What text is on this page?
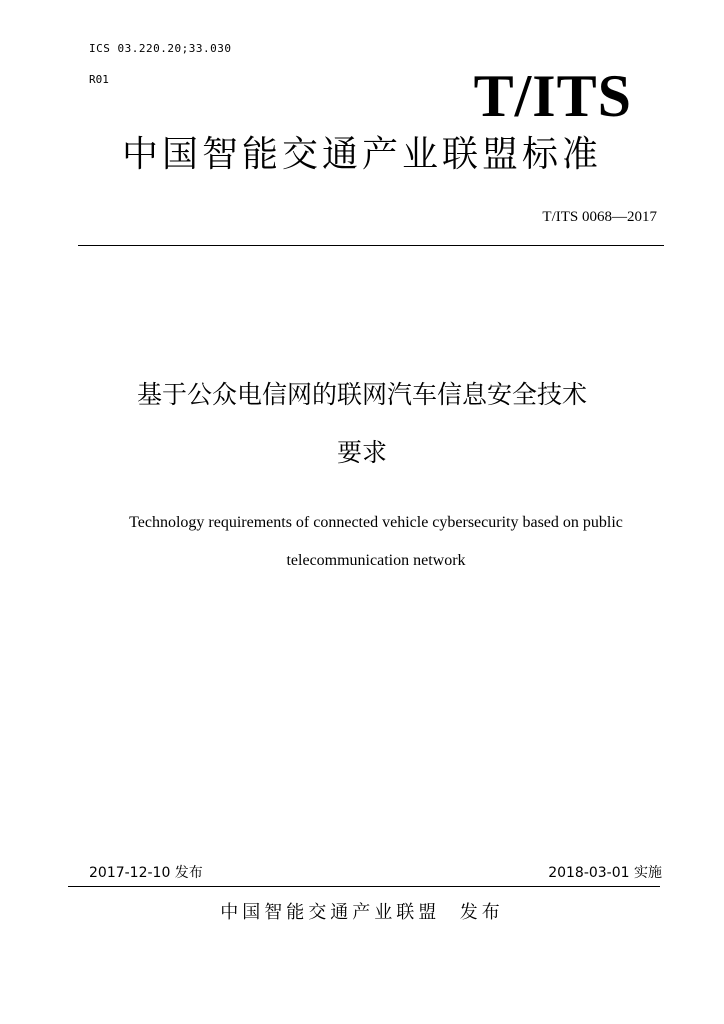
ICS 03.220.20;33.030
R01	T/ITS
中国智能交通产业联盟标准
T/ITS 0068—2017
基于公众电信网的联网汽车信息安全技术
要求
Technology requirements of connected vehicle cybersecurity based on public
telecommunication network
2017-12-10 发布	2018-03-01 实施
中国智能交通产业联盟  发布
